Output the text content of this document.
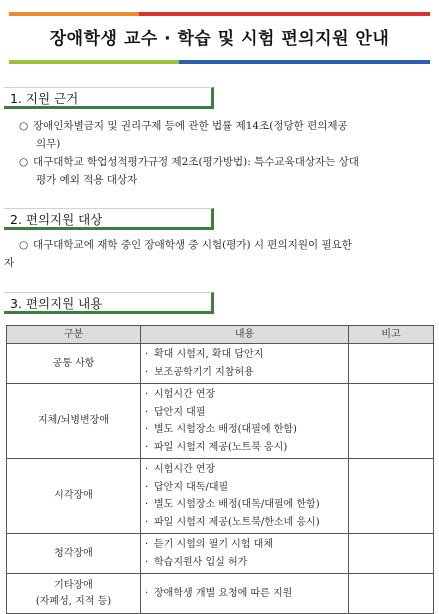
장애학생 교수 · 학습 및 시험 편의지원 안내
1. 지원 근거
○ 장애인차별금지 및 권리구제 등에 관한 법률 제14조(정당한 편의제공
의무)
○ 대구대학교 학업성적평가규정 제2조(평가방법): 특수교육대상자는 상대
평가 예외 적용 대상자
2. 편의지원 대상
○ 대구대학교에 재학 중인 장애학생 중 시험(평가) 시 편의지원이 필요한
자
3. 편의지원 내용
구분	내용	비고
공통 사항	· 확대 시험지, 확대 답안지
· 보조공학기기 지참허용	

지체/뇌병변장애	· 시험시간 연장
· 답안지 대필
· 별도 시험장소 배정(대필에 한함)
· 파일 시험지 제공(노트북 응시)	

시각장애	· 시험시간 연장
· 답안지 대독/대필
· 별도 시험장소 배정(대독/대필에 한함)
· 파일 시험지 제공(노트북/한소네 응시)	

청각장애	· 듣기 시험의 필기 시험 대체
· 학습지원사 입실 허가	

기타장애
(자폐성, 지적 등)	· 장애학생 개별 요청에 따른 지원	
